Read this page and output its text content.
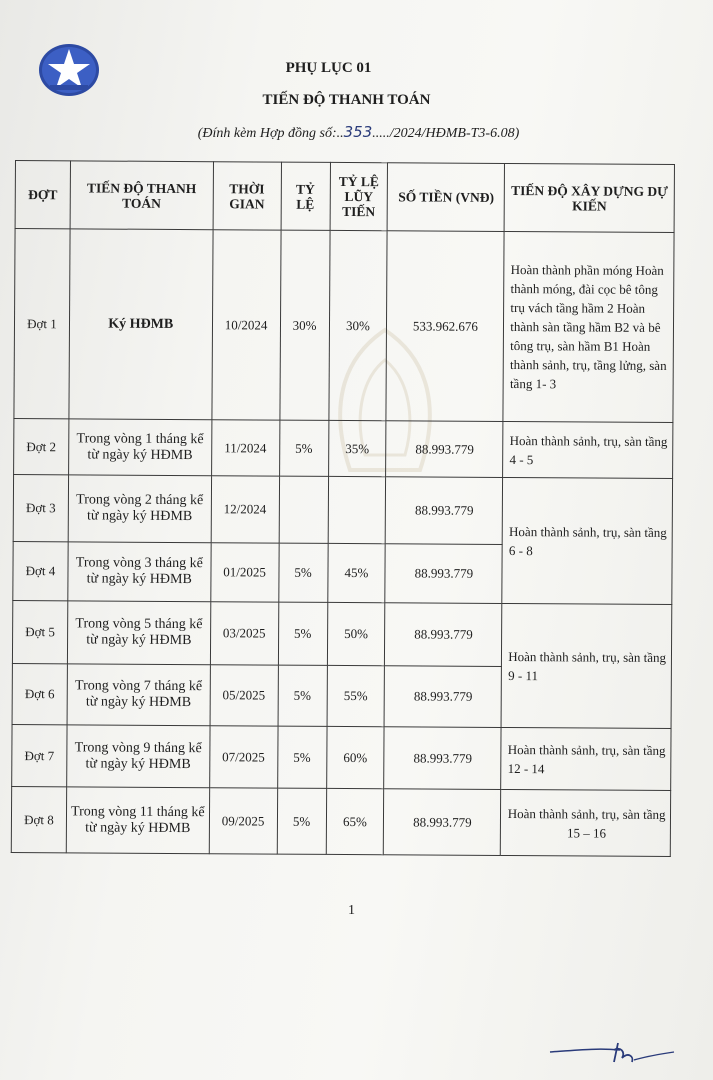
PHỤ LỤC 01
TIẾN ĐỘ THANH TOÁN
(Đính kèm Hợp đồng số:..353...../2024/HĐMB-T3-6.08)
ĐỢT	TIẾN ĐỘ THANH TOÁN	THỜI GIAN	TỶ LỆ	TỶ LỆ LŨY TIẾN	SỐ TIỀN (VNĐ)	TIẾN ĐỘ XÂY DỰNG DỰ KIẾN
Đợt 1	Ký HĐMB	10/2024	30%	30%	533.962.676	Hoàn thành phần móng Hoàn thành móng, đài cọc bê tông trụ vách tầng hầm 2 Hoàn thành sàn tầng hầm B2 và bê tông trụ, sàn hầm B1 Hoàn thành sảnh, trụ, tầng lửng, sàn tầng 1- 3
Đợt 2	Trong vòng 1 tháng kể từ ngày ký HĐMB	11/2024	5%	35%	88.993.779	Hoàn thành sảnh, trụ, sàn tầng 4 - 5
Đợt 3	Trong vòng 2 tháng kể từ ngày ký HĐMB	12/2024			88.993.779	Hoàn thành sảnh, trụ, sàn tầng 6 - 8
Đợt 4	Trong vòng 3 tháng kể từ ngày ký HĐMB	01/2025	5%	45%	88.993.779	
Đợt 5	Trong vòng 5 tháng kể từ ngày ký HĐMB	03/2025	5%	50%	88.993.779	Hoàn thành sảnh, trụ, sàn tầng 9 - 11
Đợt 6	Trong vòng 7 tháng kể từ ngày ký HĐMB	05/2025	5%	55%	88.993.779	
Đợt 7	Trong vòng 9 tháng kể từ ngày ký HĐMB	07/2025	5%	60%	88.993.779	Hoàn thành sảnh, trụ, sàn tầng 12 - 14
Đợt 8	Trong vòng 11 tháng kể từ ngày ký HĐMB	09/2025	5%	65%	88.993.779	Hoàn thành sảnh, trụ, sàn tầng 15 – 16
1
